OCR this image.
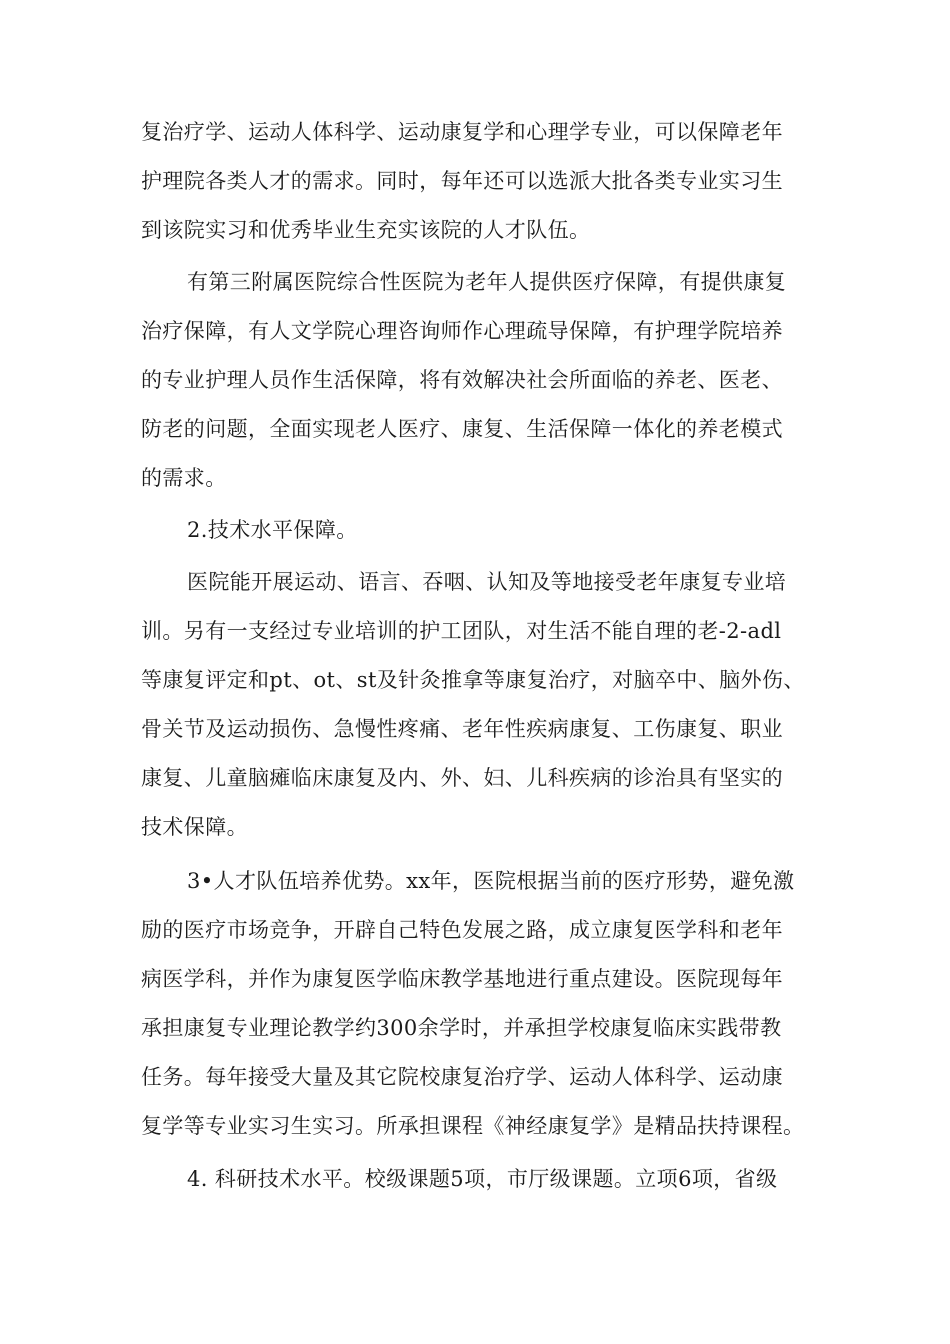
复治疗学、运动人体科学、运动康复学和心理学专业，可以保障老年
护理院各类人才的需求。同时，每年还可以选派大批各类专业实习生
到该院实习和优秀毕业生充实该院的人才队伍。
有第三附属医院综合性医院为老年人提供医疗保障，有提供康复
治疗保障，有人文学院心理咨询师作心理疏导保障，有护理学院培养
的专业护理人员作生活保障，将有效解决社会所面临的养老、医老、
防老的问题，全面实现老人医疗、康复、生活保障一体化的养老模式
的需求。
2.技术水平保障。
医院能开展运动、语言、吞咽、认知及等地接受老年康复专业培
训。另有一支经过专业培训的护工团队，对生活不能自理的老-2-adl
等康复评定和pt、ot、st及针灸推拿等康复治疗，对脑卒中、脑外伤、
骨关节及运动损伤、急慢性疼痛、老年性疾病康复、工伤康复、职业
康复、儿童脑瘫临床康复及内、外、妇、儿科疾病的诊治具有坚实的
技术保障。
3•人才队伍培养优势。xx年，医院根据当前的医疗形势，避免激
励的医疗市场竞争，开辟自己特色发展之路，成立康复医学科和老年
病医学科，并作为康复医学临床教学基地进行重点建设。医院现每年
承担康复专业理论教学约300余学时，并承担学校康复临床实践带教
任务。每年接受大量及其它院校康复治疗学、运动人体科学、运动康
复学等专业实习生实习。所承担课程《神经康复学》是精品扶持课程。
4. 科研技术水平。校级课题5项，市厅级课题。立项6项，省级
